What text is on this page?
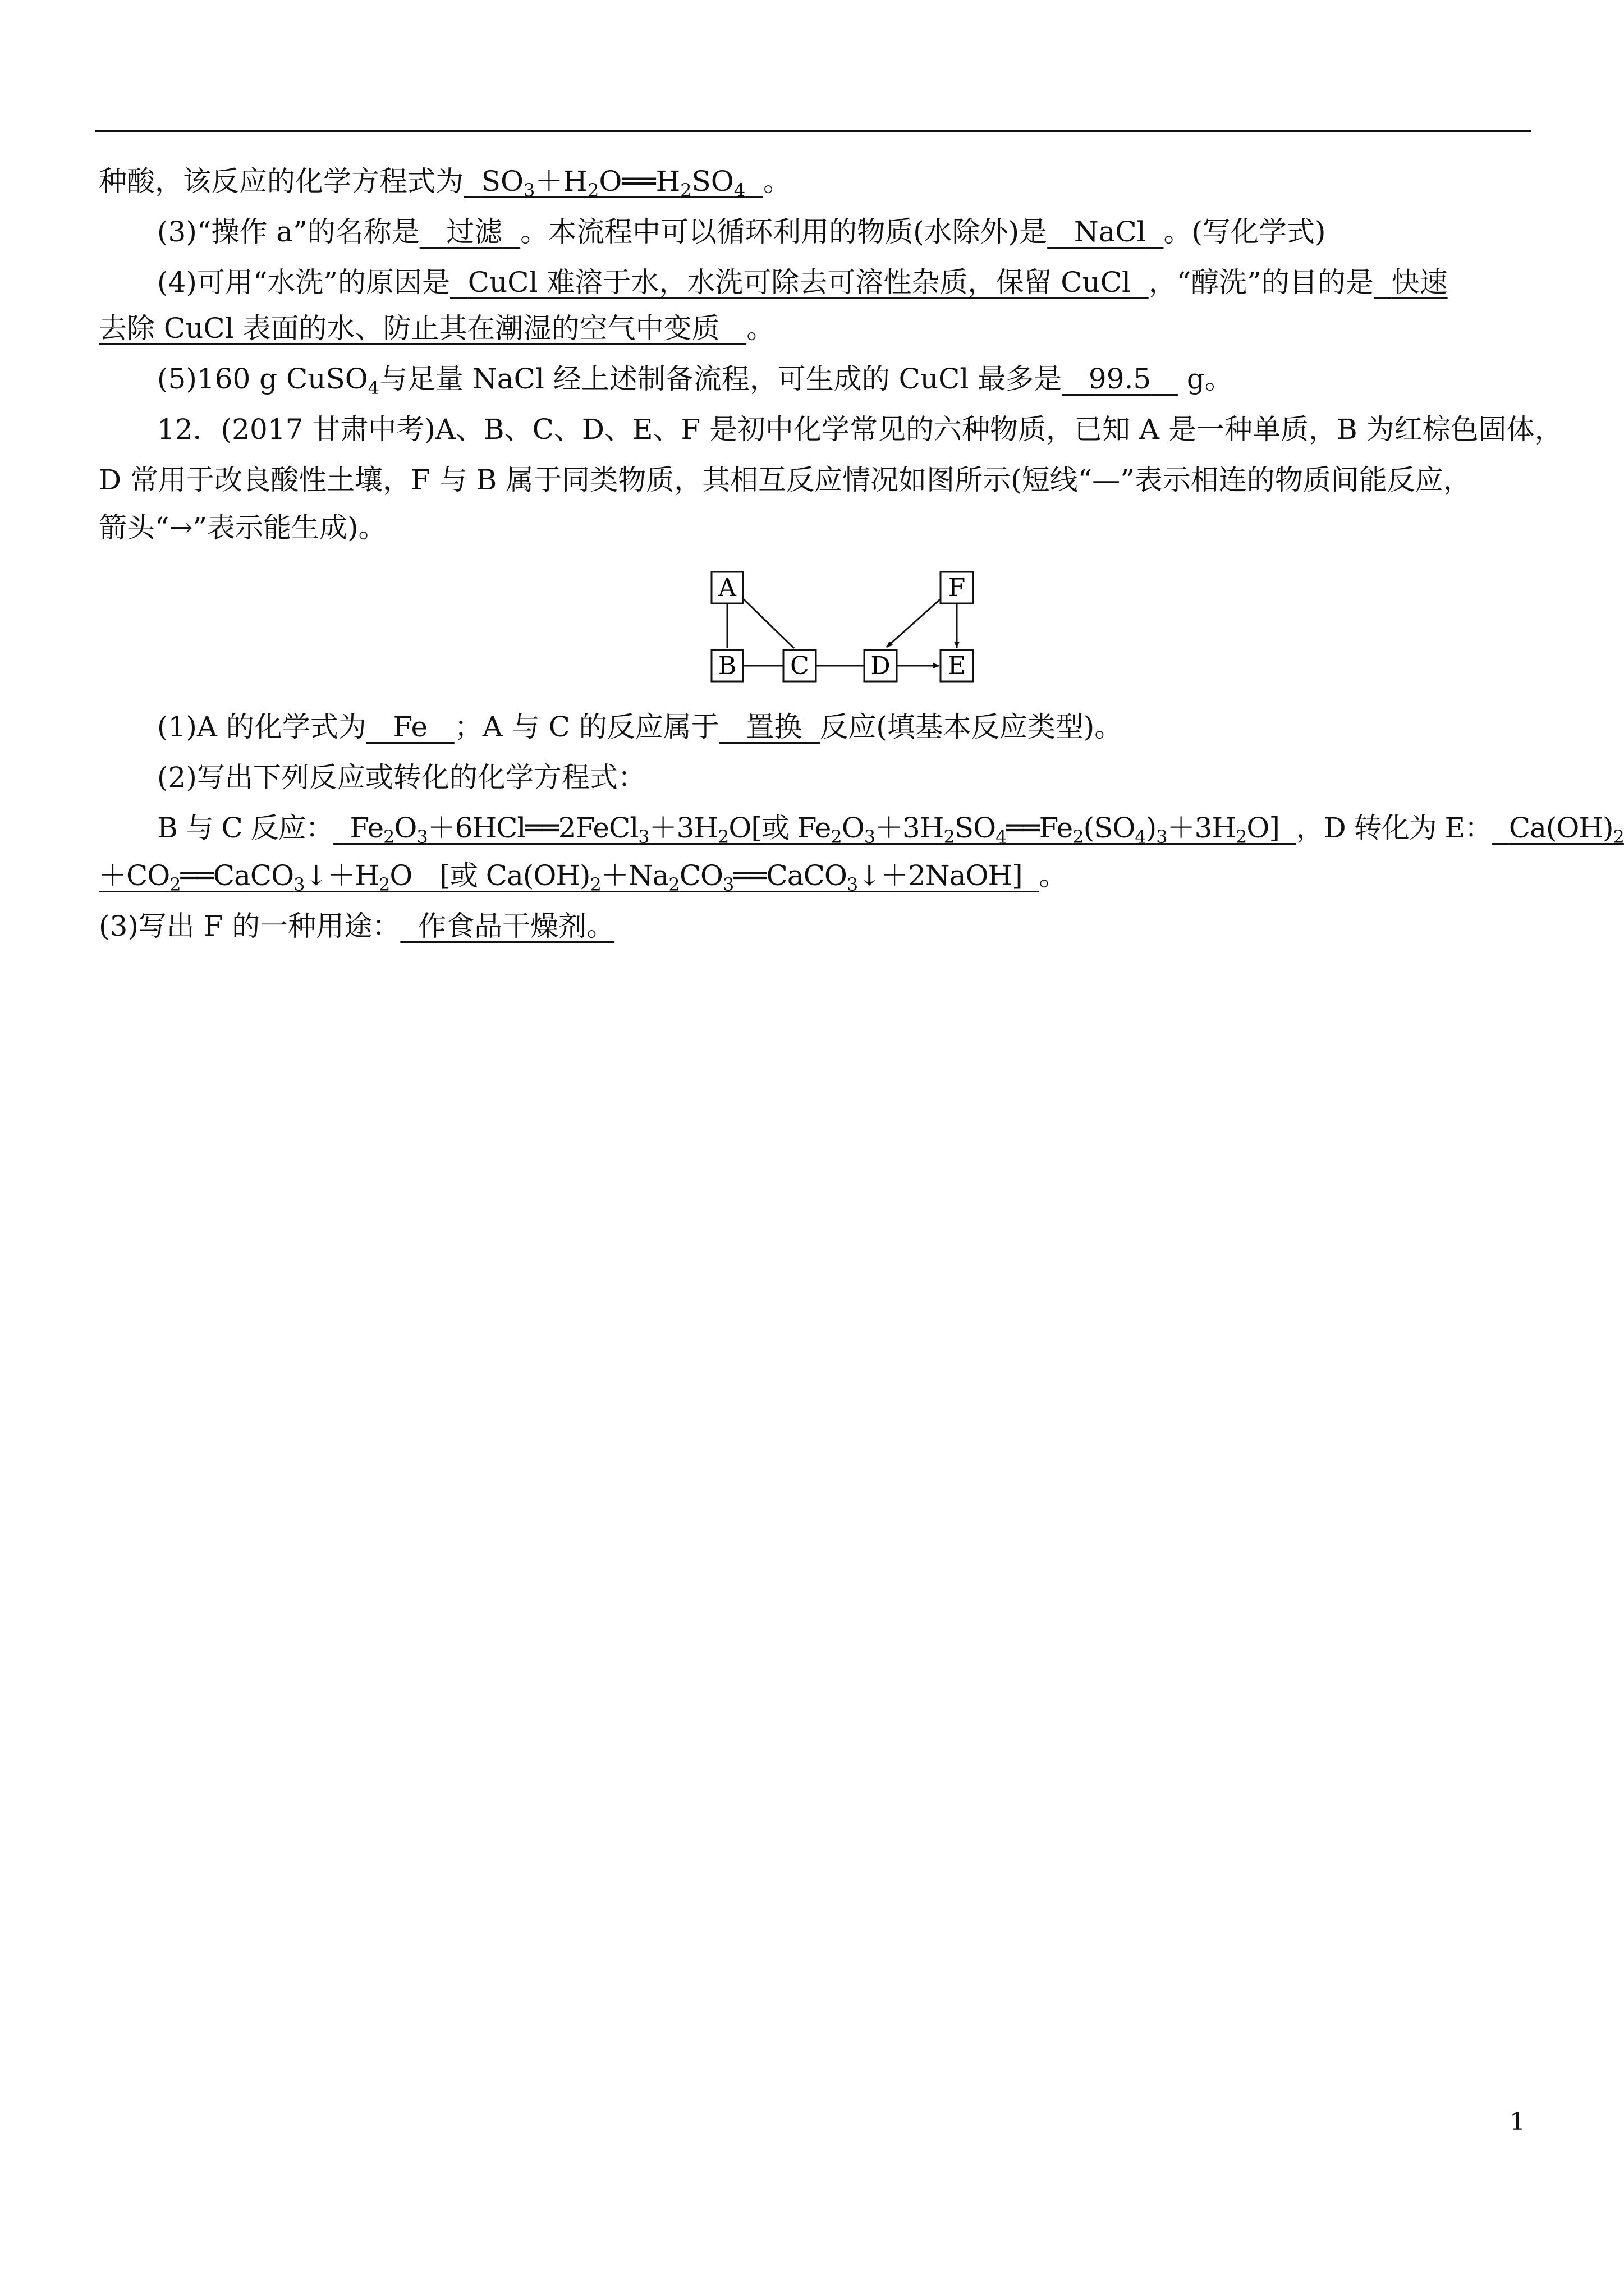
种酸，该反应的化学方程式为 $SO_3+H_2O══H_2SO_4$ 。
(3)“操作 a”的名称是 过滤 。本流程中可以循环利用的物质(水除外)是 NaCl 。(写化学式)
(4)可用“水洗”的原因是 CuCl 难溶于水，水洗可除去可溶性杂质，保留 CuCl ，“醇洗”的目的是 快速
去除 CuCl 表面的水、防止其在潮湿的空气中变质 。
(5)160 g CuSO$_4$与足量 NaCl 经上述制备流程，可生成的 CuCl 最多是 99.5 g。
12．(2017 甘肃中考)A、B、C、D、E、F 是初中化学常见的六种物质，已知 A 是一种单质，B 为红棕色固体，
D 常用于改良酸性土壤，F 与 B 属于同类物质，其相互反应情况如图所示(短线“—”表示相连的物质间能反应，
箭头“→”表示能生成)。
A
B C D E
F
(1)A 的化学式为 Fe ；A 与 C 的反应属于 置换 反应(填基本反应类型)。
(2)写出下列反应或转化的化学方程式：
B 与 C 反应： $Fe_2O_3+6HCl══2FeCl_3+3H_2O$[或 $Fe_2O_3+3H_2SO_4══Fe_2(SO_4)_3+3H_2O$] ，D 转化为 E： $Ca(OH)_2$
$+CO_2══CaCO_3↓+H_2O$　[或 $Ca(OH)_2+Na_2CO_3══CaCO_3↓+2NaOH$] 。
(3)写出 F 的一种用途： 作食品干燥剂。
1
